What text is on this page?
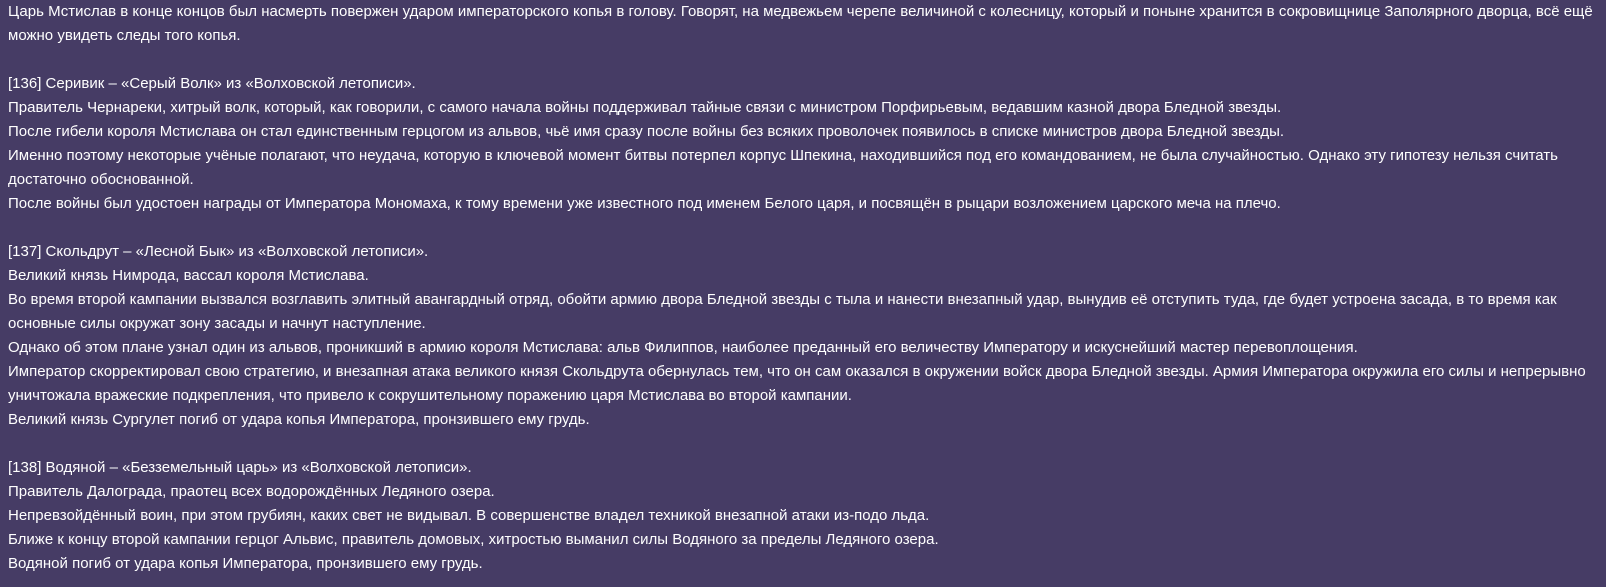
Царь Мстислав в конце концов был насмерть повержен ударом императорского копья в голову. Говорят, на медвежьем черепе величиной с колесницу, который и поныне хранится в сокровищнице Заполярного дворца, всё ещё можно увидеть следы того копья.

[136] Серивик – «Серый Волк» из «Волховской летописи».

Правитель Чернареки, хитрый волк, который, как говорили, с самого начала войны поддерживал тайные связи с министром Порфирьевым, ведавшим казной двора Бледной звезды.

После гибели короля Мстислава он стал единственным герцогом из альвов, чьё имя сразу после войны без всяких проволочек появилось в списке министров двора Бледной звезды.

Именно поэтому некоторые учёные полагают, что неудача, которую в ключевой момент битвы потерпел корпус Шпекина, находившийся под его командованием, не была случайностью. Однако эту гипотезу нельзя считать достаточно обоснованной.

После войны был удостоен награды от Императора Мономаха, к тому времени уже известного под именем Белого царя, и посвящён в рыцари возложением царского меча на плечо.

[137] Скольдрут – «Лесной Бык» из «Волховской летописи».

Великий князь Нимрода, вассал короля Мстислава.

Во время второй кампании вызвался возглавить элитный авангардный отряд, обойти армию двора Бледной звезды с тыла и нанести внезапный удар, вынудив её отступить туда, где будет устроена засада, в то время как основные силы окружат зону засады и начнут наступление.

Однако об этом плане узнал один из альвов, проникший в армию короля Мстислава: альв Филиппов, наиболее преданный его величеству Императору и искуснейший мастер перевоплощения.

Император скорректировал свою стратегию, и внезапная атака великого князя Скольдрута обернулась тем, что он сам оказался в окружении войск двора Бледной звезды. Армия Императора окружила его силы и непрерывно уничтожала вражеские подкрепления, что привело к сокрушительному поражению царя Мстислава во второй кампании.

Великий князь Сургулет погиб от удара копья Императора, пронзившего ему грудь.

[138] Водяной – «Безземельный царь» из «Волховской летописи».

Правитель Далограда, праотец всех водорождённых Ледяного озера.

Непревзойдённый воин, при этом грубиян, каких свет не видывал. В совершенстве владел техникой внезапной атаки из-подо льда.

Ближе к концу второй кампании герцог Альвис, правитель домовых, хитростью выманил силы Водяного за пределы Ледяного озера.

Водяной погиб от удара копья Императора, пронзившего ему грудь.
